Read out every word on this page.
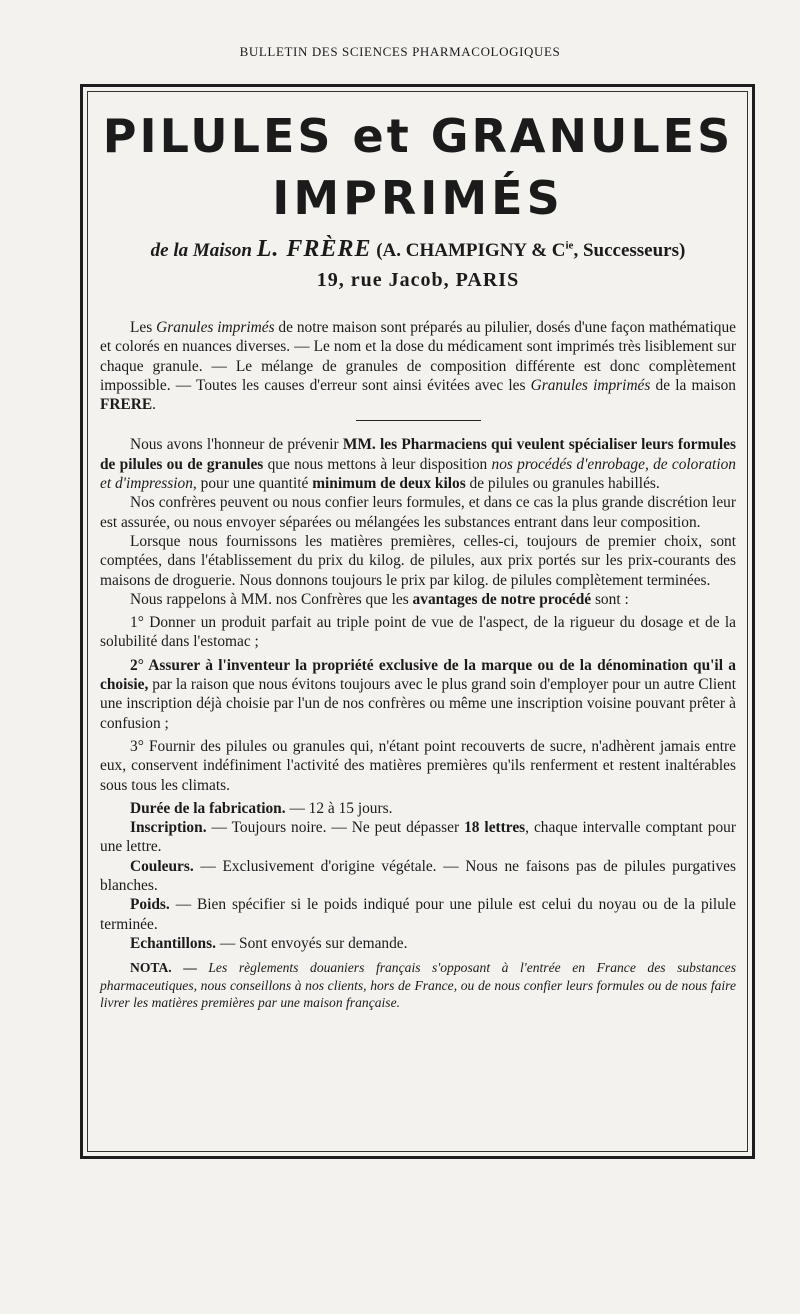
BULLETIN DES SCIENCES PHARMACOLOGIQUES
PILULES et GRANULES
IMPRIMÉS
de la Maison L. FRÈRE (A. CHAMPIGNY & $C^{ie}$, Successeurs)
19, rue Jacob, PARIS

Les Granules imprimés de notre maison sont préparés au pilulier, dosés d'une façon mathématique et colorés en nuances diverses. — Le nom et la dose du médicament sont imprimés très lisiblement sur chaque granule. — Le mélange de granules de composition différente est donc complètement impossible. — Toutes les causes d'erreur sont ainsi évitées avec les Granules imprimés de la maison FRERE.

Nous avons l'honneur de prévenir MM. les Pharmaciens qui veulent spécialiser leurs formules de pilules ou de granules que nous mettons à leur disposition nos procédés d'enrobage, de coloration et d'impression, pour une quantité minimum de deux kilos de pilules ou granules habillés.

Nos confrères peuvent ou nous confier leurs formules, et dans ce cas la plus grande discrétion leur est assurée, ou nous envoyer séparées ou mélangées les substances entrant dans leur composition.

Lorsque nous fournissons les matières premières, celles-ci, toujours de premier choix, sont comptées, dans l'établissement du prix du kilog. de pilules, aux prix portés sur les prix-courants des maisons de droguerie. Nous donnons toujours le prix par kilog. de pilules complètement terminées.

Nous rappelons à MM. nos Confrères que les avantages de notre procédé sont :

1° Donner un produit parfait au triple point de vue de l'aspect, de la rigueur du dosage et de la solubilité dans l'estomac ;

2° Assurer à l'inventeur la propriété exclusive de la marque ou de la dénomination qu'il a choisie, par la raison que nous évitons toujours avec le plus grand soin d'employer pour un autre Client une inscription déjà choisie par l'un de nos confrères ou même une inscription voisine pouvant prêter à confusion ;

3° Fournir des pilules ou granules qui, n'étant point recouverts de sucre, n'adhèrent jamais entre eux, conservent indéfiniment l'activité des matières premières qu'ils renferment et restent inaltérables sous tous les climats.

Durée de la fabrication. — 12 à 15 jours.

Inscription. — Toujours noire. — Ne peut dépasser 18 lettres, chaque intervalle comptant pour une lettre.

Couleurs. — Exclusivement d'origine végétale. — Nous ne faisons pas de pilules purgatives blanches.

Poids. — Bien spécifier si le poids indiqué pour une pilule est celui du noyau ou de la pilule terminée.

Echantillons. — Sont envoyés sur demande.

NOTA. — Les règlements douaniers français s'opposant à l'entrée en France des substances pharmaceutiques, nous conseillons à nos clients, hors de France, ou de nous confier leurs formules ou de nous faire livrer les matières premières par une maison française.
